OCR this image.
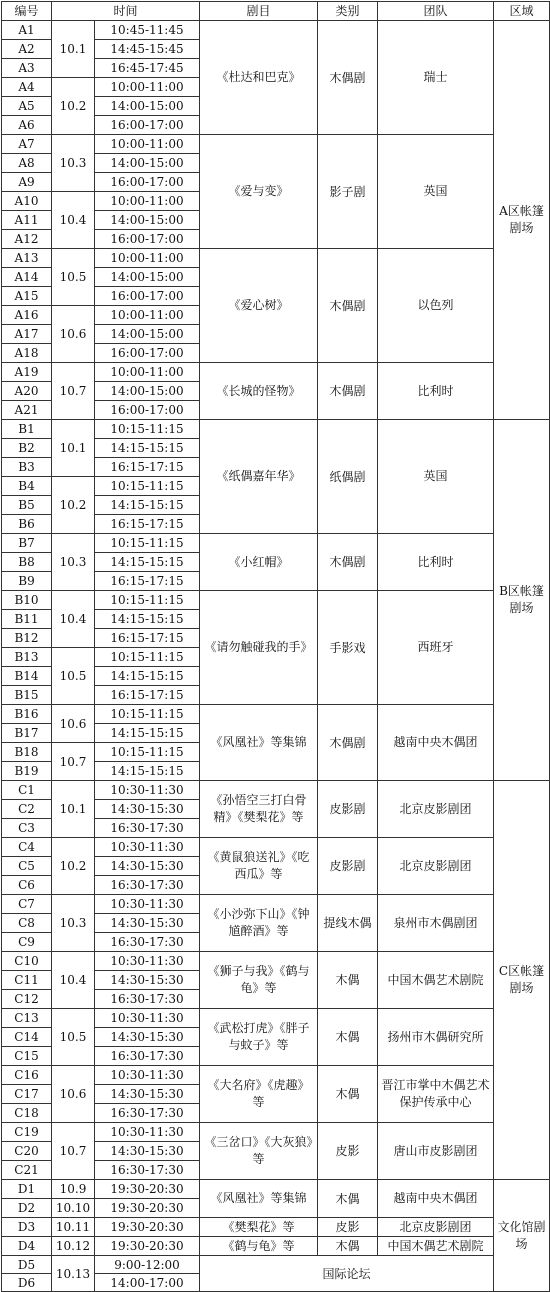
编号	时间		剧目	类别	团队	区域
A1	10.1	10:45-11:45	《杜达和巴克》	木偶剧	瑞士	A区帐篷剧场
A2		14:45-15:45				
A3		16:45-17:45				
A4	10.2	10:00-11:00				
A5		14:00-15:00				
A6		16:00-17:00				
A7	10.3	10:00-11:00	《爱与变》	影子剧	英国	
A8		14:00-15:00				
A9		16:00-17:00				
A10	10.4	10:00-11:00				
A11		14:00-15:00				
A12		16:00-17:00				
A13	10.5	10:00-11:00	《爱心树》	木偶剧	以色列	
A14		14:00-15:00				
A15		16:00-17:00				
A16	10.6	10:00-11:00				
A17		14:00-15:00				
A18		16:00-17:00				
A19	10.7	10:00-11:00	《长城的怪物》	木偶剧	比利时	
A20		14:00-15:00				
A21		16:00-17:00				
B1	10.1	10:15-11:15	《纸偶嘉年华》	纸偶剧	英国	B区帐篷剧场
B2		14:15-15:15				
B3		16:15-17:15				
B4	10.2	10:15-11:15				
B5		14:15-15:15				
B6		16:15-17:15				
B7	10.3	10:15-11:15	《小红帽》	木偶剧	比利时	
B8		14:15-15:15				
B9		16:15-17:15				
B10	10.4	10:15-11:15	《请勿触碰我的手》	手影戏	西班牙	
B11		14:15-15:15				
B12		16:15-17:15				
B13	10.5	10:15-11:15				
B14		14:15-15:15				
B15		16:15-17:15				
B16	10.6	10:15-11:15	《风凰社》等集锦	木偶剧	越南中央木偶团	
B17		14:15-15:15				
B18	10.7	10:15-11:15				
B19		14:15-15:15				
C1	10.1	10:30-11:30	《孙悟空三打白骨精》《樊梨花》等	皮影剧	北京皮影剧团	C区帐篷剧场
C2		14:30-15:30				
C3		16:30-17:30				
C4	10.2	10:30-11:30	《黄鼠狼送礼》《吃西瓜》等	皮影剧	北京皮影剧团	
C5		14:30-15:30				
C6		16:30-17:30				
C7	10.3	10:30-11:30	《小沙弥下山》《钟馗醉酒》等	提线木偶	泉州市木偶剧团	
C8		14:30-15:30				
C9		16:30-17:30				
C10	10.4	10:30-11:30	《狮子与我》《鹤与龟》等	木偶	中国木偶艺术剧院	
C11		14:30-15:30				
C12		16:30-17:30				
C13	10.5	10:30-11:30	《武松打虎》《胖子与蚊子》等	木偶	扬州市木偶研究所	
C14		14:30-15:30				
C15		16:30-17:30				
C16	10.6	10:30-11:30	《大名府》《虎趣》等	木偶	晋江市掌中木偶艺术保护传承中心	
C17		14:30-15:30				
C18		16:30-17:30				
C19	10.7	10:30-11:30	《三岔口》《大灰狼》等	皮影	唐山市皮影剧团	
C20		14:30-15:30				
C21		16:30-17:30				
D1	10.9	19:30-20:30	《风凰社》等集锦	木偶	越南中央木偶团	文化馆剧场
D2	10.10	19:30-20:30				
D3	10.11	19:30-20:30	《樊梨花》等	皮影	北京皮影剧团	
D4	10.12	19:30-20:30	《鹤与龟》等	木偶	中国木偶艺术剧院	
D5	10.13	9:00-12:00	国际论坛			
D6		14:00-17:00				
